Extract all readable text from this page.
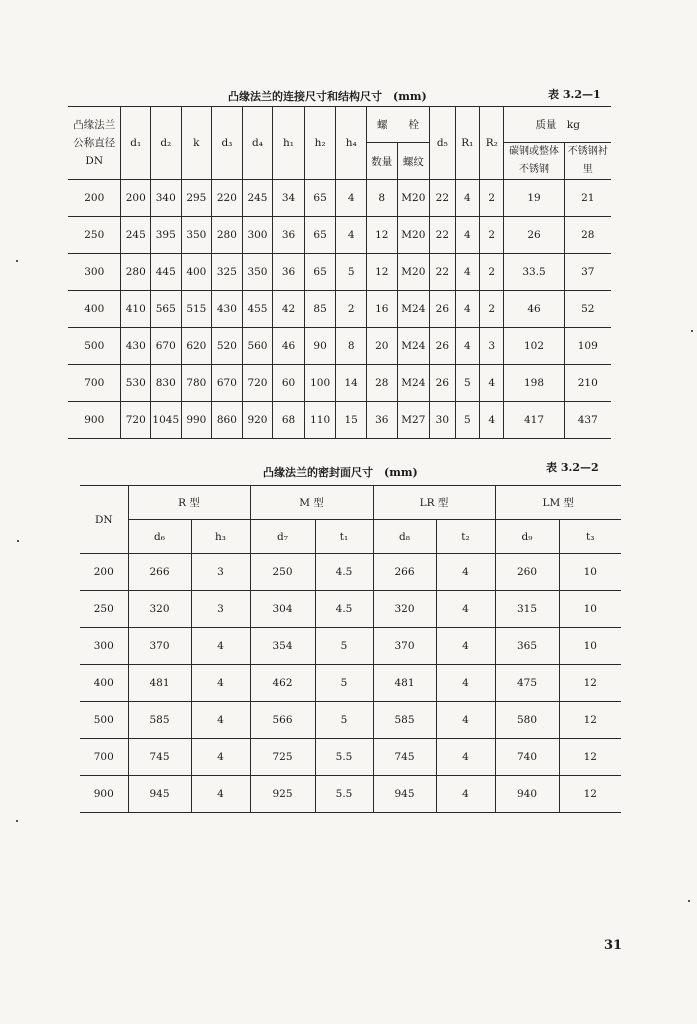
凸缘法兰的连接尺寸和结构尺寸　(mm)	表 3.2—1
凸缘法兰
公称直径
DN	d₁	d₂	k	d₃	d₄	h₁	h₂	h₄	螺　　栓		d₅	R₁	R₂	质量　kg	
									数量	螺纹				碳钢或整体不锈钢	不锈钢衬　里
200	200	340	295	220	245	34	65	4	8	M20	22	4	2	19	21
250	245	395	350	280	300	36	65	4	12	M20	22	4	2	26	28
300	280	445	400	325	350	36	65	5	12	M20	22	4	2	33.5	37
400	410	565	515	430	455	42	85	2	16	M24	26	4	2	46	52
500	430	670	620	520	560	46	90	8	20	M24	26	4	3	102	109
700	530	830	780	670	720	60	100	14	28	M24	26	5	4	198	210
900	720	1045	990	860	920	68	110	15	36	M27	30	5	4	417	437
凸缘法兰的密封面尺寸　(mm)	表 3.2—2
DN	R 型		M 型		LR 型		LM 型	
	d₆	h₃	d₇	t₁	d₈	t₂	d₉	t₃
200	266	3	250	4.5	266	4	260	10
250	320	3	304	4.5	320	4	315	10
300	370	4	354	5	370	4	365	10
400	481	4	462	5	481	4	475	12
500	585	4	566	5	585	4	580	12
700	745	4	725	5.5	745	4	740	12
900	945	4	925	5.5	945	4	940	12
31
